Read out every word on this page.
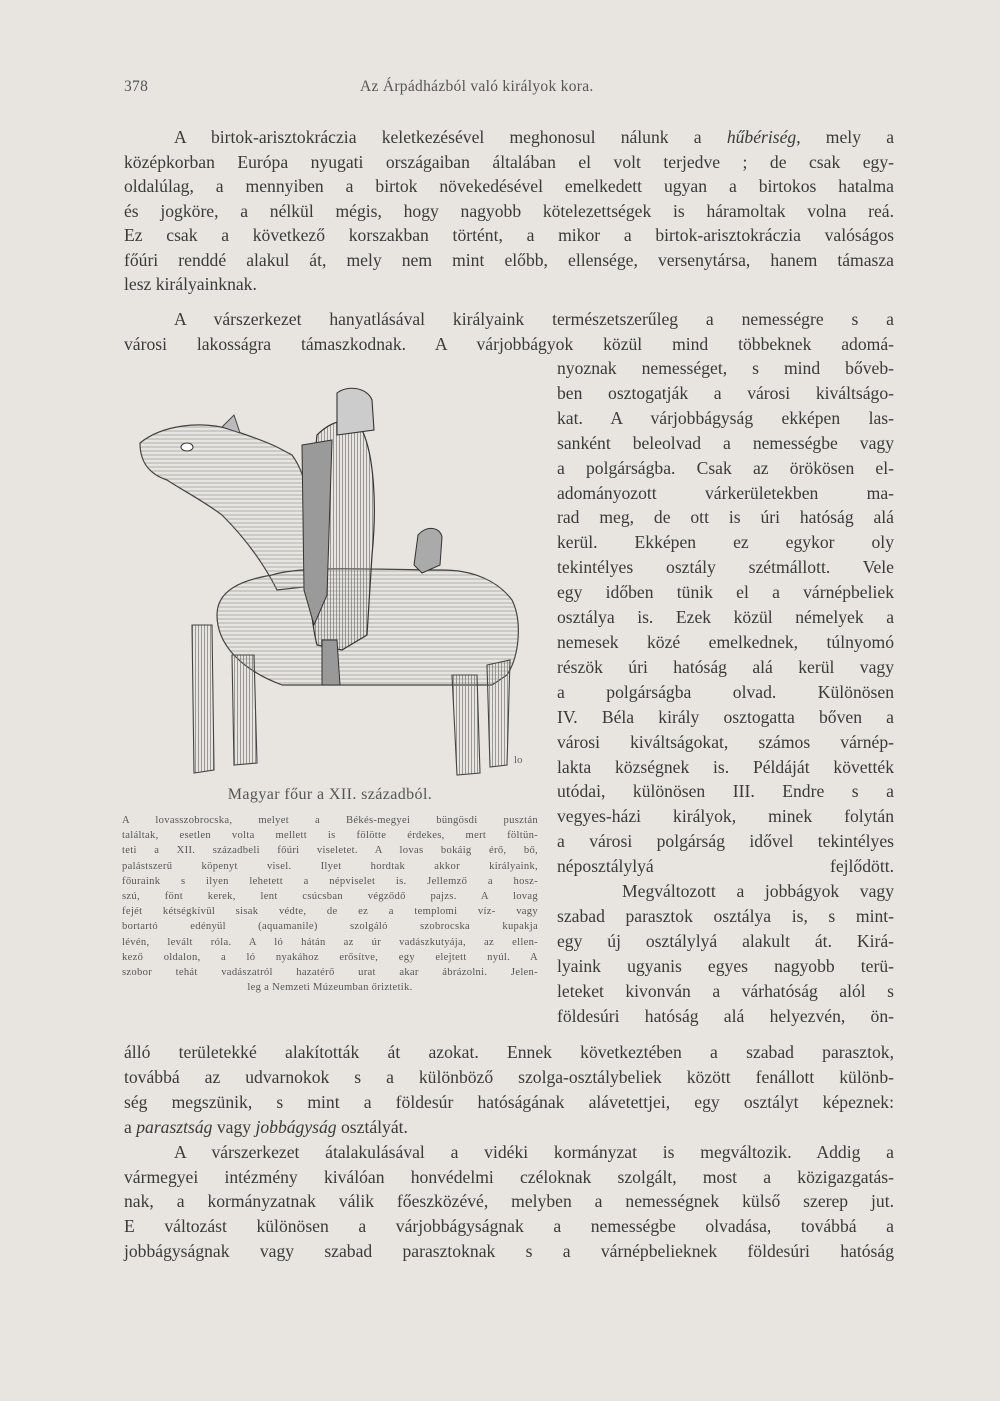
378	Az Árpádházból való királyok kora.
A birtok-arisztokráczia keletkezésével meghonosul nálunk a hűbériség, mely a
középkorban Európa nyugati országaiban általában el volt terjedve ; de csak egy-
oldalúlag, a mennyiben a birtok növekedésével emelkedett ugyan a birtokos hatalma
és jogköre, a nélkül mégis, hogy nagyobb kötelezettségek is háramoltak volna reá.
Ez csak a következő korszakban történt, a mikor a birtok-arisztokráczia valóságos
főúri renddé alakul át, mely nem mint előbb, ellensége, versenytársa, hanem támasza
lesz királyainknak.
A várszerkezet hanyatlásával királyaink természetszerűleg a nemességre s a
városi lakosságra támaszkodnak. A várjobbágyok közül mind többeknek adomá-
nyoznak nemességet, s mind bőveb-
ben osztogatják a városi kiváltságo-
kat. A várjobbágyság ekképen las-
sanként beleolvad a nemességbe vagy
a polgárságba. Csak az örökösen el-
adományozott várkerületekben ma-
rad meg, de ott is úri hatóság alá
kerül. Ekképen ez egykor oly
tekintélyes osztály szétmállott. Vele
egy időben tünik el a várnépbeliek
osztálya is. Ezek közül némelyek a
nemesek közé emelkednek, túlnyomó
részök úri hatóság alá kerül vagy
a polgárságba olvad. Különösen
IV. Béla király osztogatta bőven a
városi kiváltságokat, számos várnép-
lakta községnek is. Példáját követték
utódai, különösen III. Endre s a
vegyes-házi királyok, minek folytán
a városi polgárság idővel tekintélyes
néposztálylyá fejlődött.
Megváltozott a jobbágyok vagy
szabad parasztok osztálya is, s mint-
egy új osztálylyá alakult át. Kirá-
lyaink ugyanis egyes nagyobb terü-
leteket kivonván a várhatóság alól s
földesúri hatóság alá helyezvén, ön-
lo
Magyar főur a XII. századból.
A lovasszobrocska, melyet a Békés-megyei büngösdi pusztán
találtak, esetlen volta mellett is fölötte érdekes, mert föltün-
teti a XII. századbeli főúri viseletet. A lovas bokáig érő, bő,
palástszerű köpenyt visel. Ilyet hordtak akkor királyaink,
főuraink s ilyen lehetett a népviselet is. Jellemző a hosz-
szú, fönt kerek, lent csúcsban végződő pajzs. A lovag
fejét kétségkívül sisak védte, de ez a templomi víz- vagy
bortartó edényül (aquamanile) szolgáló szobrocska kupakja
lévén, levált róla. A ló hátán az úr vadászkutyája, az ellen-
kező oldalon, a ló nyakához erősítve, egy elejtett nyúl. A
szobor tehát vadászatról hazatérő urat akar ábrázolni. Jelen-
leg a Nemzeti Múzeumban őriztetik.
álló területekké alakították át azokat. Ennek következtében a szabad parasztok,
továbbá az udvarnokok s a különböző szolga-osztálybeliek között fenállott különb-
ség megszünik, s mint a földesúr hatóságának alávetettjei, egy osztályt képeznek:
a parasztság vagy jobbágyság osztályát.
A várszerkezet átalakulásával a vidéki kormányzat is megváltozik. Addig a
vármegyei intézmény kiválóan honvédelmi czéloknak szolgált, most a közigazgatás-
nak, a kormányzatnak válik főeszközévé, melyben a nemességnek külső szerep jut.
E változást különösen a várjobbágyságnak a nemességbe olvadása, továbbá a
jobbágyságnak vagy szabad parasztoknak s a várnépbelieknek földesúri hatóság
